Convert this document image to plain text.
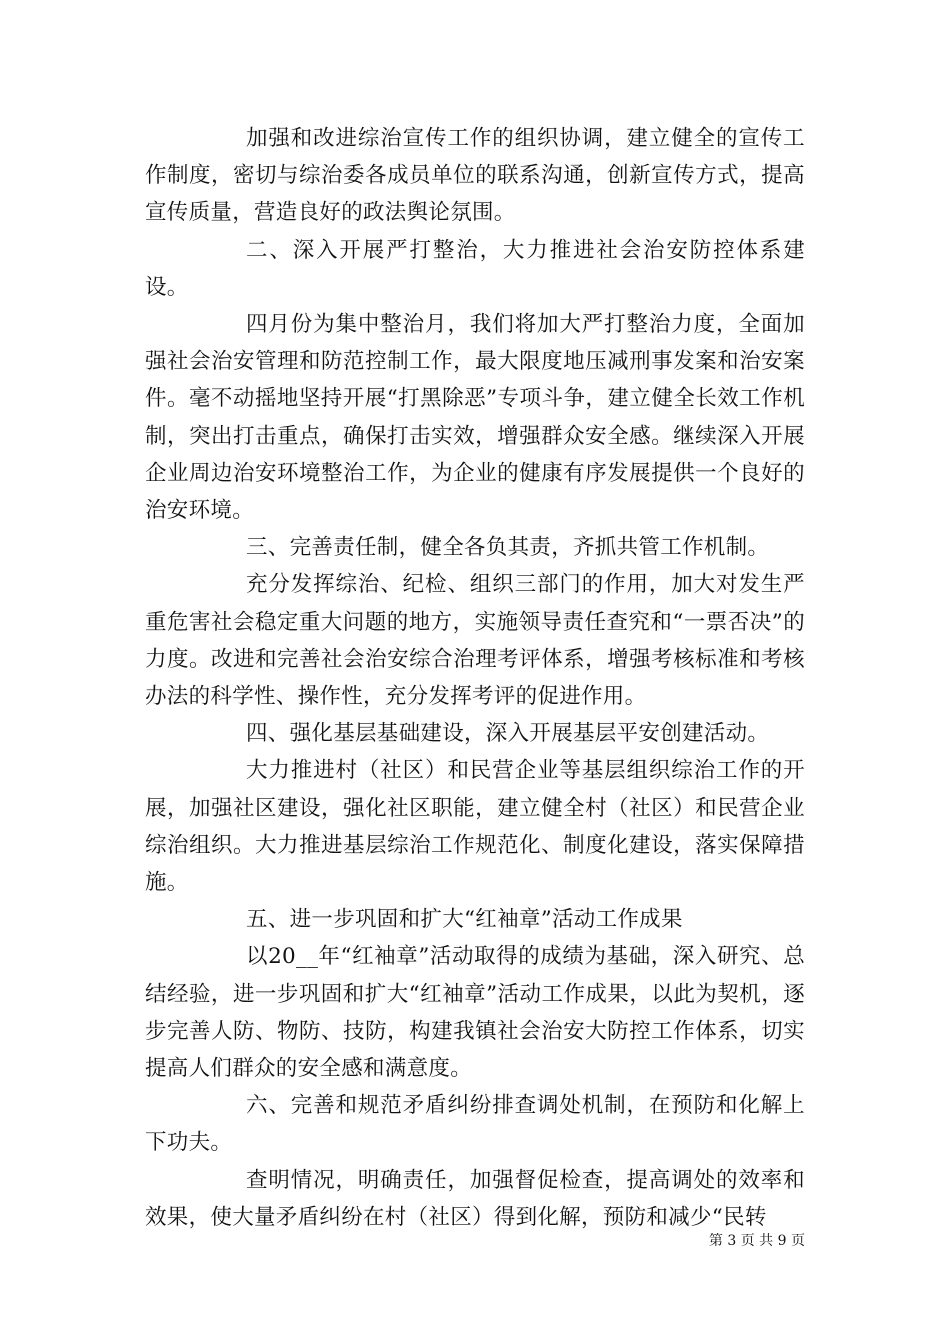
加强和改进综治宣传工作的组织协调，建立健全的宣传工作制度，密切与综治委各成员单位的联系沟通，创新宣传方式，提高宣传质量，营造良好的政法舆论氛围。

二、深入开展严打整治，大力推进社会治安防控体系建设。

四月份为集中整治月，我们将加大严打整治力度，全面加强社会治安管理和防范控制工作，最大限度地压减刑事发案和治安案件。毫不动摇地坚持开展“打黑除恶”专项斗争，建立健全长效工作机制，突出打击重点，确保打击实效，增强群众安全感。继续深入开展企业周边治安环境整治工作，为企业的健康有序发展提供一个良好的治安环境。

三、完善责任制，健全各负其责，齐抓共管工作机制。

充分发挥综治、纪检、组织三部门的作用，加大对发生严重危害社会稳定重大问题的地方，实施领导责任查究和“一票否决”的力度。改进和完善社会治安综合治理考评体系，增强考核标准和考核办法的科学性、操作性，充分发挥考评的促进作用。

四、强化基层基础建设，深入开展基层平安创建活动。

大力推进村（社区）和民营企业等基层组织综治工作的开展，加强社区建设，强化社区职能，建立健全村（社区）和民营企业综治组织。大力推进基层综治工作规范化、制度化建设，落实保障措施。

五、进一步巩固和扩大“红袖章”活动工作成果

以20__年“红袖章”活动取得的成绩为基础，深入研究、总结经验，进一步巩固和扩大“红袖章”活动工作成果，以此为契机，逐步完善人防、物防、技防，构建我镇社会治安大防控工作体系，切实提高人们群众的安全感和满意度。

六、完善和规范矛盾纠纷排查调处机制，在预防和化解上下功夫。

查明情况，明确责任，加强督促检查，提高调处的效率和效果，使大量矛盾纠纷在村（社区）得到化解，预防和减少“民转

第 3 页 共 9 页
